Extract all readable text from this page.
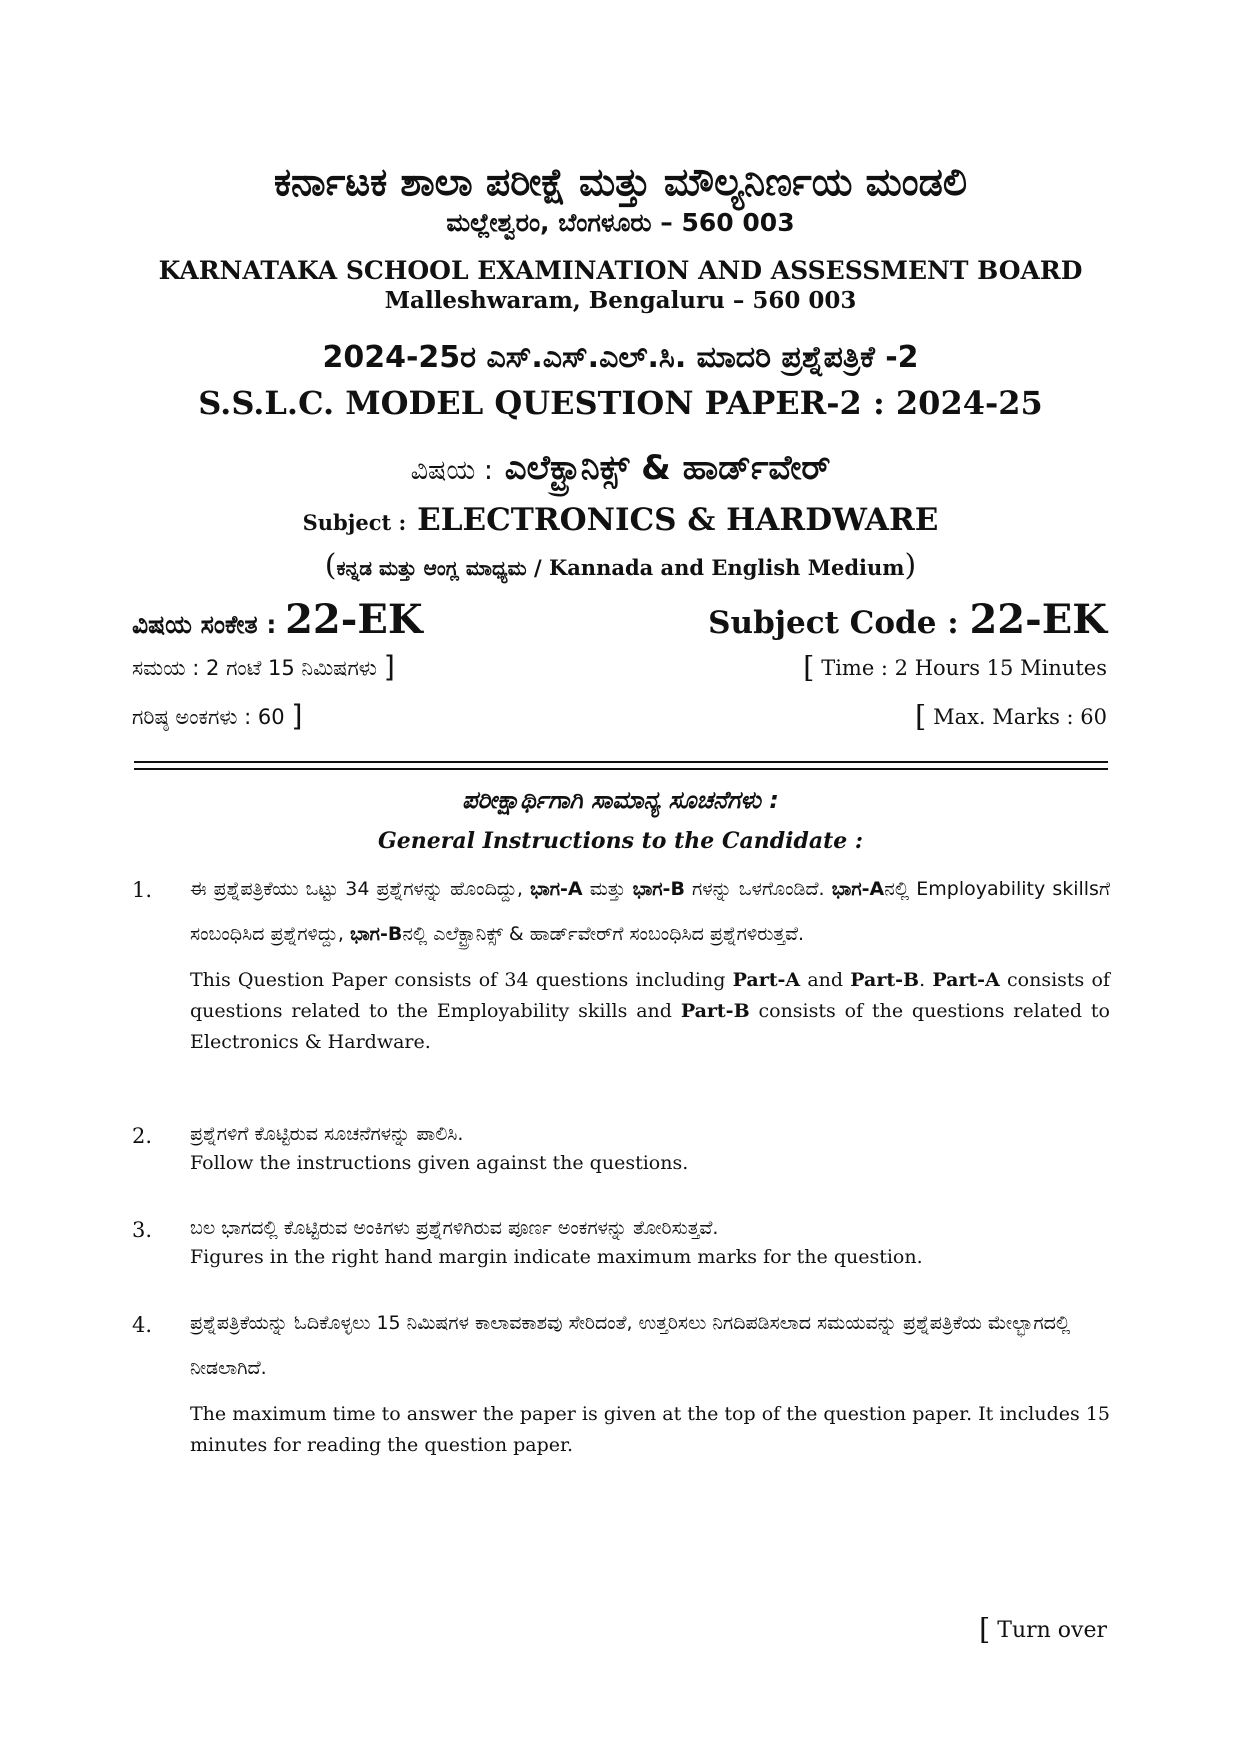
ಕರ್ನಾಟಕ ಶಾಲಾ ಪರೀಕ್ಷೆ ಮತ್ತು ಮೌಲ್ಯನಿರ್ಣಯ ಮಂಡಲಿ
ಮಲ್ಲೇಶ್ವರಂ, ಬೆಂಗಳೂರು – 560 003
KARNATAKA SCHOOL EXAMINATION AND ASSESSMENT BOARD
Malleshwaram, Bengaluru – 560 003
2024-25ರ ಎಸ್.ಎಸ್.ಎಲ್.ಸಿ. ಮಾದರಿ ಪ್ರಶ್ನೆಪತ್ರಿಕೆ -2
S.S.L.C. MODEL QUESTION PAPER-2 : 2024-25
ವಿಷಯ : ಎಲೆಕ್ಟ್ರಾನಿಕ್ಸ್ & ಹಾರ್ಡ್‌ವೇರ್
Subject : ELECTRONICS & HARDWARE
(ಕನ್ನಡ ಮತ್ತು ಆಂಗ್ಲ ಮಾಧ್ಯಮ / Kannada and English Medium)
ವಿಷಯ ಸಂಕೇತ : 22-EK	Subject Code : 22-EK
ಸಮಯ : 2 ಗಂಟೆ 15 ನಿಮಿಷಗಳು ]	[ Time : 2 Hours 15 Minutes
ಗರಿಷ್ಠ ಅಂಕಗಳು : 60 ]	[ Max. Marks : 60
ಪರೀಕ್ಷಾರ್ಥಿಗಾಗಿ ಸಾಮಾನ್ಯ ಸೂಚನೆಗಳು :
General Instructions to the Candidate :
1. ಈ ಪ್ರಶ್ನೆಪತ್ರಿಕೆಯು ಒಟ್ಟು 34 ಪ್ರಶ್ನೆಗಳನ್ನು ಹೊಂದಿದ್ದು, ಭಾಗ-A ಮತ್ತು ಭಾಗ-B ಗಳನ್ನು ಒಳಗೊಂಡಿದೆ. ಭಾಗ-Aನಲ್ಲಿ Employability skillsಗೆ ಸಂಬಂಧಿಸಿದ ಪ್ರಶ್ನೆಗಳಿದ್ದು, ಭಾಗ-Bನಲ್ಲಿ ಎಲೆಕ್ಟ್ರಾನಿಕ್ಸ್ & ಹಾರ್ಡ್‌ವೇರ್‌ಗೆ ಸಂಬಂಧಿಸಿದ ಪ್ರಶ್ನೆಗಳಿರುತ್ತವೆ.

This Question Paper consists of 34 questions including Part-A and Part-B. Part-A consists of questions related to the Employability skills and Part-B consists of the questions related to Electronics & Hardware.

2. ಪ್ರಶ್ನೆಗಳಿಗೆ ಕೊಟ್ಟಿರುವ ಸೂಚನೆಗಳನ್ನು ಪಾಲಿಸಿ.

Follow the instructions given against the questions.

3. ಬಲ ಭಾಗದಲ್ಲಿ ಕೊಟ್ಟಿರುವ ಅಂಕಿಗಳು ಪ್ರಶ್ನೆಗಳಿಗಿರುವ ಪೂರ್ಣ ಅಂಕಗಳನ್ನು ತೋರಿಸುತ್ತವೆ.

Figures in the right hand margin indicate maximum marks for the question.

4. ಪ್ರಶ್ನೆಪತ್ರಿಕೆಯನ್ನು ಓದಿಕೊಳ್ಳಲು 15 ನಿಮಿಷಗಳ ಕಾಲಾವಕಾಶವು ಸೇರಿದಂತೆ, ಉತ್ತರಿಸಲು ನಿಗದಿಪಡಿಸಲಾದ ಸಮಯವನ್ನು ಪ್ರಶ್ನೆಪತ್ರಿಕೆಯ ಮೇಲ್ಭಾಗದಲ್ಲಿ ನೀಡಲಾಗಿದೆ.

The maximum time to answer the paper is given at the top of the question paper. It includes 15 minutes for reading the question paper.

[ Turn over
